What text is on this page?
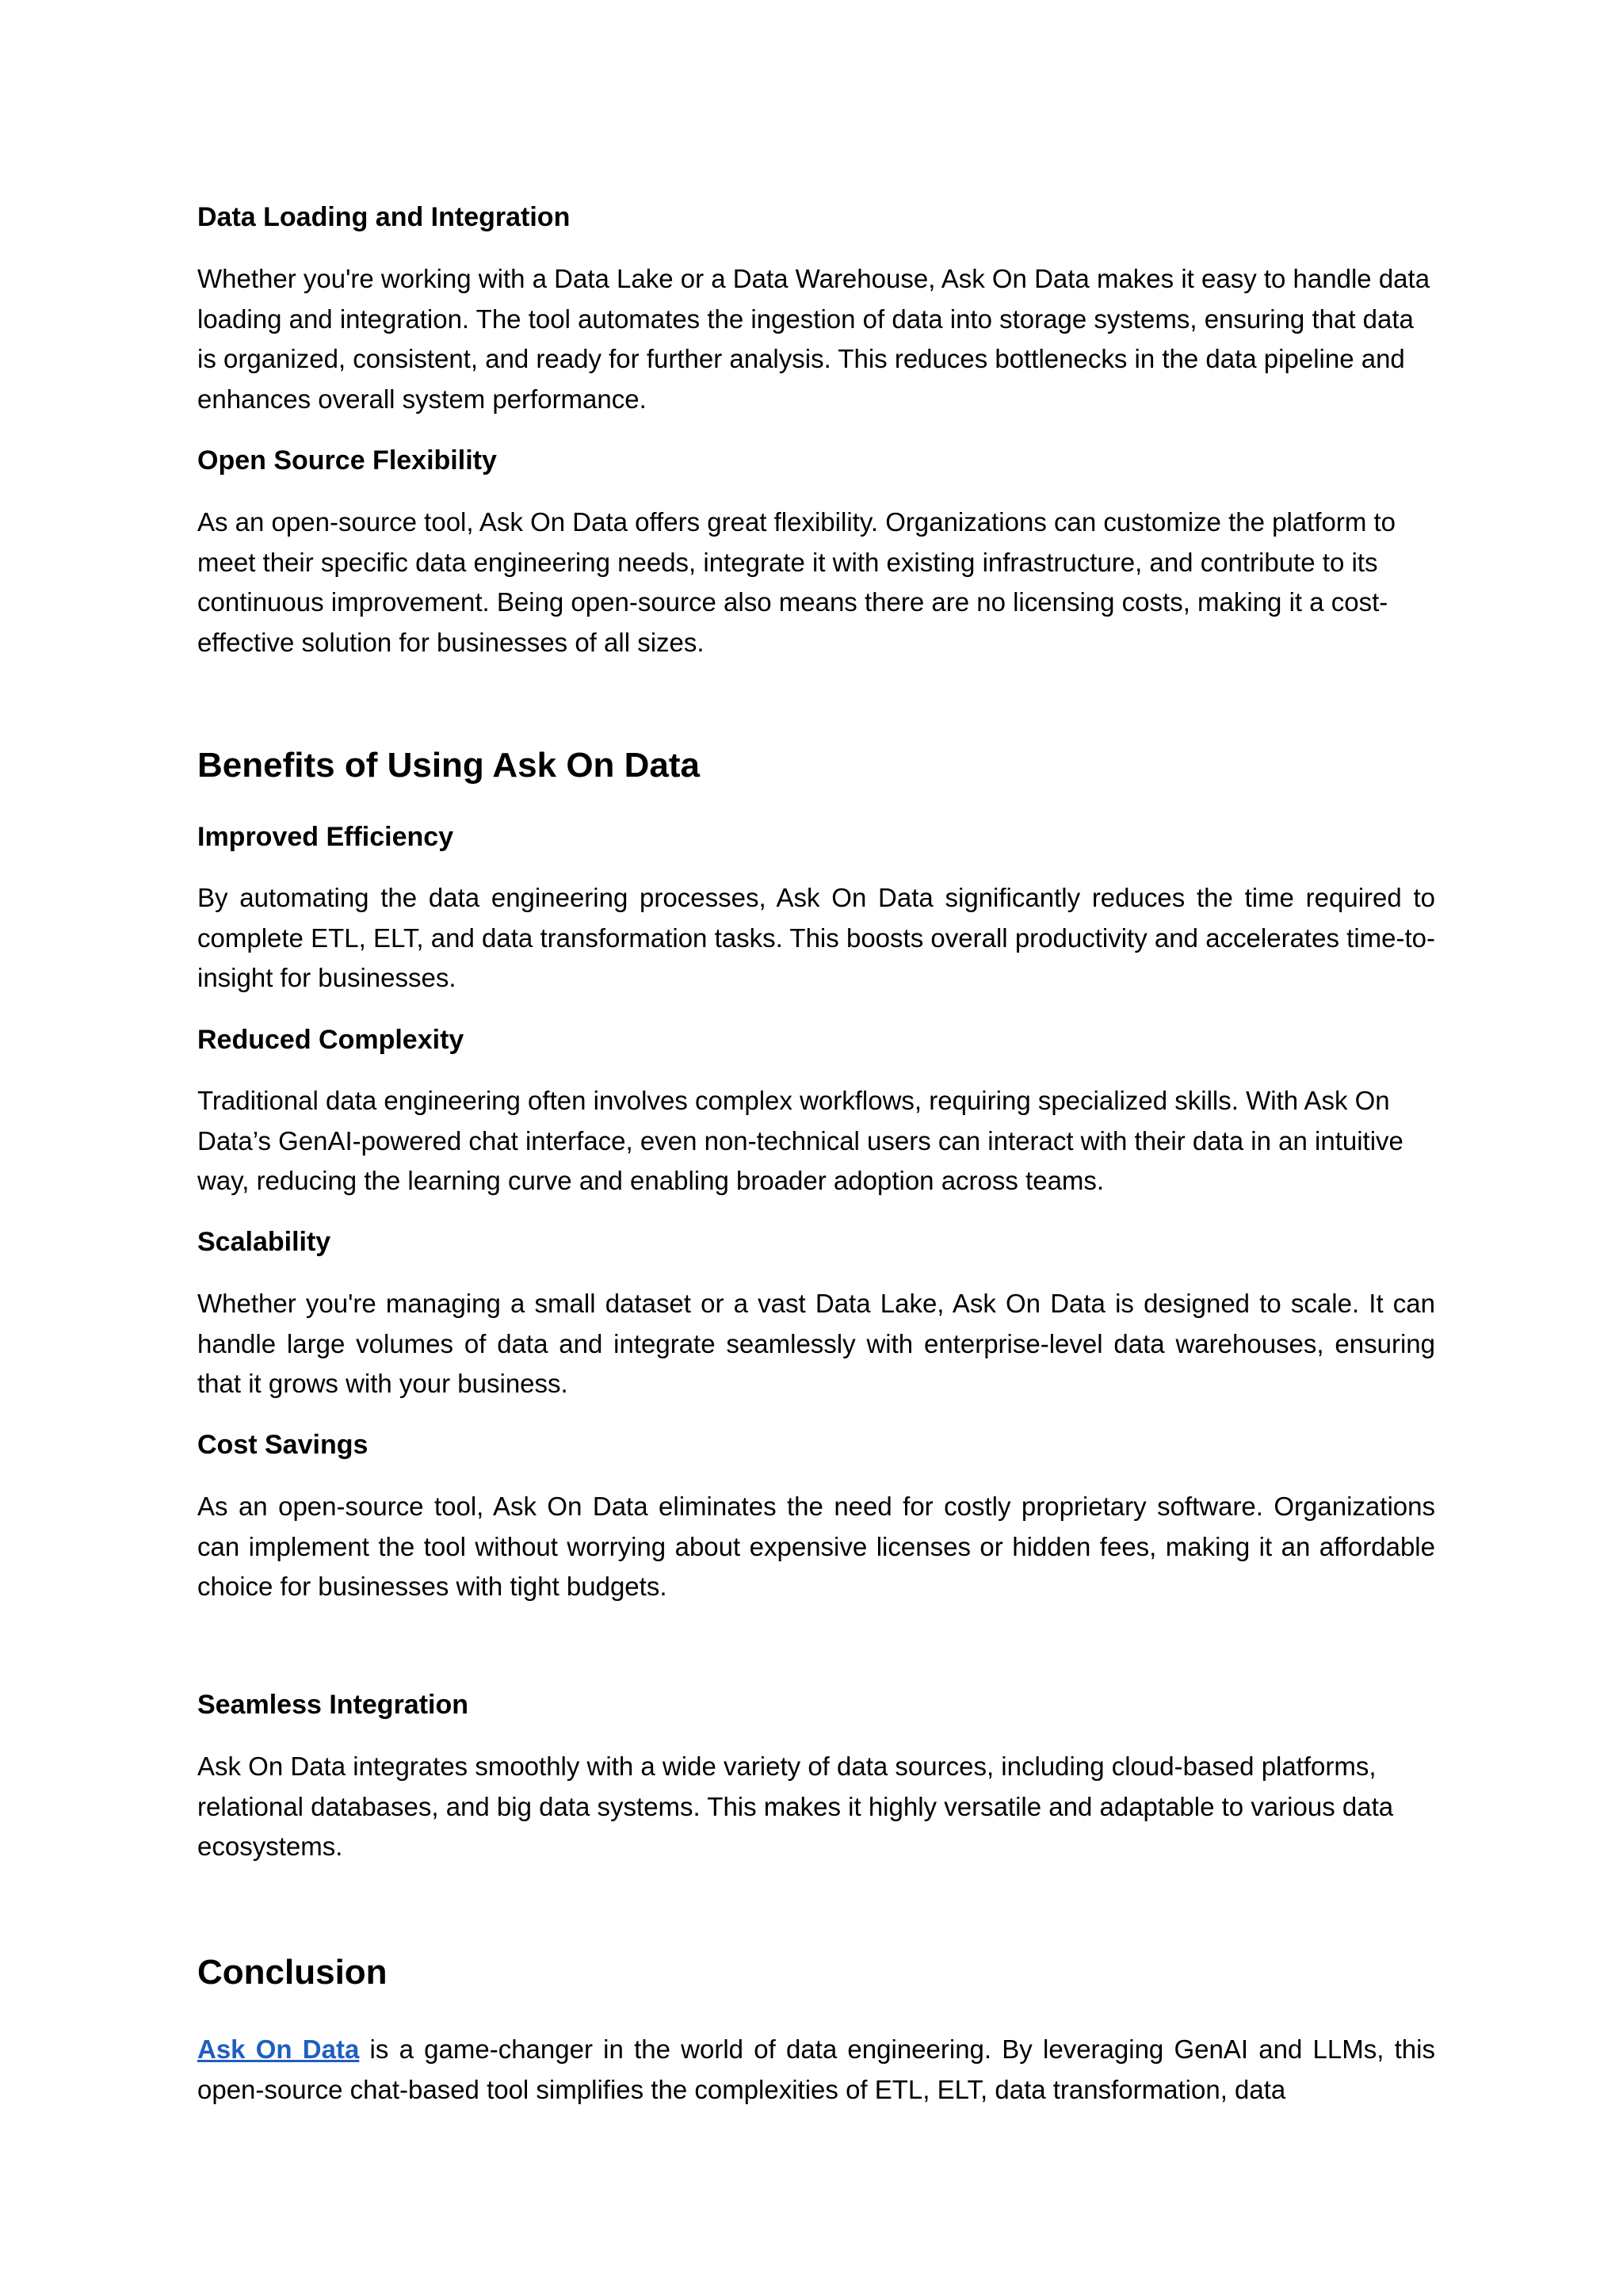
Data Loading and Integration

Whether you're working with a Data Lake or a Data Warehouse, Ask On Data makes it easy to handle data loading and integration. The tool automates the ingestion of data into storage systems, ensuring that data is organized, consistent, and ready for further analysis. This reduces bottlenecks in the data pipeline and enhances overall system performance.

Open Source Flexibility

As an open-source tool, Ask On Data offers great flexibility. Organizations can customize the platform to meet their specific data engineering needs, integrate it with existing infrastructure, and contribute to its continuous improvement. Being open-source also means there are no licensing costs, making it a cost-effective solution for businesses of all sizes.

Benefits of Using Ask On Data
Improved Efficiency

By automating the data engineering processes, Ask On Data significantly reduces the time required to complete ETL, ELT, and data transformation tasks. This boosts overall productivity and accelerates time-to-insight for businesses.

Reduced Complexity

Traditional data engineering often involves complex workflows, requiring specialized skills. With Ask On Data’s GenAI-powered chat interface, even non-technical users can interact with their data in an intuitive way, reducing the learning curve and enabling broader adoption across teams.

Scalability

Whether you're managing a small dataset or a vast Data Lake, Ask On Data is designed to scale. It can handle large volumes of data and integrate seamlessly with enterprise-level data warehouses, ensuring that it grows with your business.

Cost Savings

As an open-source tool, Ask On Data eliminates the need for costly proprietary software. Organizations can implement the tool without worrying about expensive licenses or hidden fees, making it an affordable choice for businesses with tight budgets.

Seamless Integration

Ask On Data integrates smoothly with a wide variety of data sources, including cloud-based platforms, relational databases, and big data systems. This makes it highly versatile and adaptable to various data ecosystems.

Conclusion

Ask On Data is a game-changer in the world of data engineering. By leveraging GenAI and LLMs, this open-source chat-based tool simplifies the complexities of ETL, ELT, data transformation, data
